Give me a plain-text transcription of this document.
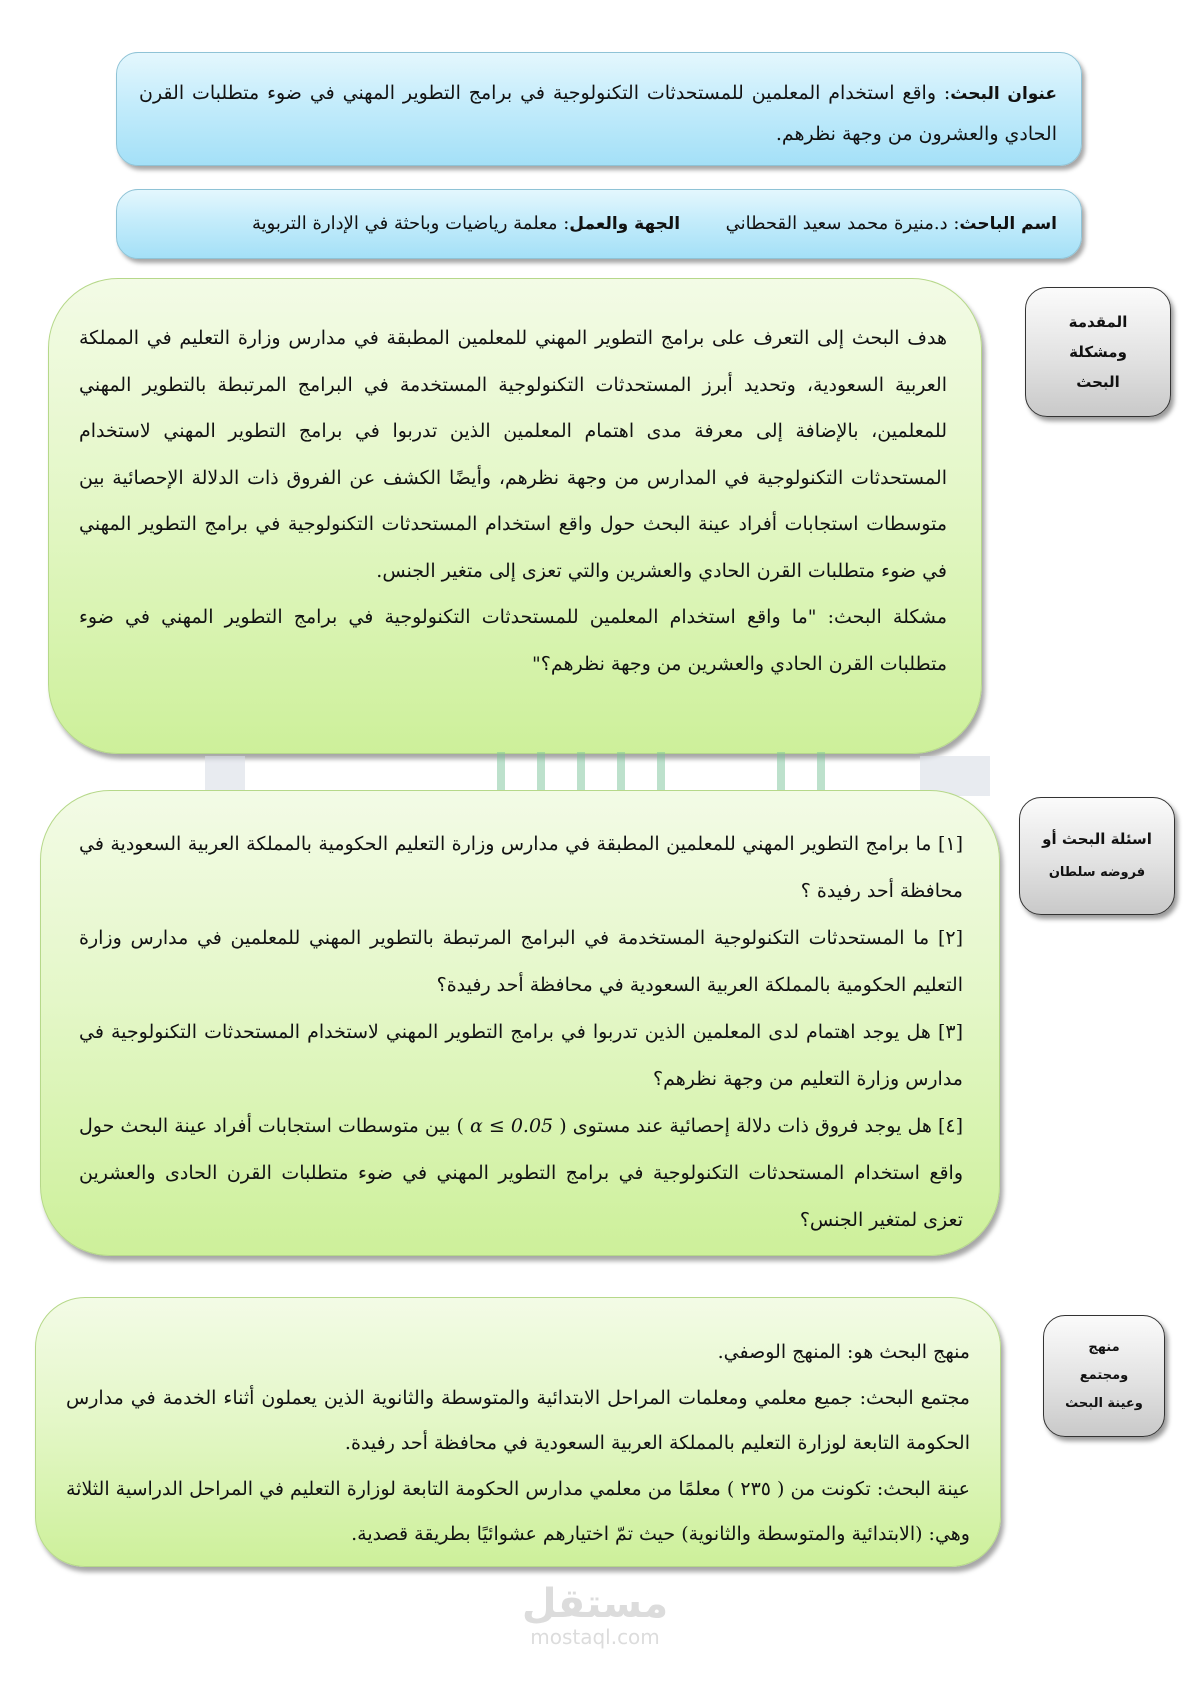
عنوان البحث: واقع استخدام المعلمين للمستحدثات التكنولوجية في برامج التطوير المهني في ضوء متطلبات القرن الحادي والعشرون من وجهة نظرهم.

اسم الباحث: د.منيرة محمد سعيد القحطاني  الجهة والعمل: معلمة رياضيات وباحثة في الإدارة التربوية

المقدمة
ومشكلة
البحث

هدف البحث إلى التعرف على برامج التطوير المهني للمعلمين المطبقة في مدارس وزارة التعليم في المملكة العربية السعودية، وتحديد أبرز المستحدثات التكنولوجية المستخدمة في البرامج المرتبطة بالتطوير المهني للمعلمين، بالإضافة إلى معرفة مدى اهتمام المعلمين الذين تدربوا في برامج التطوير المهني لاستخدام المستحدثات التكنولوجية في المدارس من وجهة نظرهم، وأيضًا الكشف عن الفروق ذات الدلالة الإحصائية بين متوسطات استجابات أفراد عينة البحث حول واقع استخدام المستحدثات التكنولوجية في برامج التطوير المهني في ضوء متطلبات القرن الحادي والعشرين والتي تعزى إلى متغير الجنس.

مشكلة البحث: "ما واقع استخدام المعلمين للمستحدثات التكنولوجية في برامج التطوير المهني في ضوء متطلبات القرن الحادي والعشرين من وجهة نظرهم؟"

اسئلة البحث أو
فروضه سلطان

[١] ما برامج التطوير المهني للمعلمين المطبقة في مدارس وزارة التعليم الحكومية بالمملكة العربية السعودية في محافظة أحد رفيدة ؟

[٢] ما المستحدثات التكنولوجية المستخدمة في البرامج المرتبطة بالتطوير المهني للمعلمين في مدارس وزارة التعليم الحكومية بالمملكة العربية السعودية في محافظة أحد رفيدة؟

[٣] هل يوجد اهتمام لدى المعلمين الذين تدربوا في برامج التطوير المهني لاستخدام المستحدثات التكنولوجية في مدارس وزارة التعليم من وجهة نظرهم؟

[٤] هل يوجد فروق ذات دلالة إحصائية عند مستوى ( α ≤ 0.05 ) بين متوسطات استجابات أفراد عينة البحث حول واقع استخدام المستحدثات التكنولوجية في برامج التطوير المهني في ضوء متطلبات القرن الحادى والعشرين تعزى لمتغير الجنس؟

منهج
ومجتمع
وعينة البحث

منهج البحث هو: المنهج الوصفي.

مجتمع البحث: جميع معلمي ومعلمات المراحل الابتدائية والمتوسطة والثانوية الذين يعملون أثناء الخدمة في مدارس الحكومة التابعة لوزارة التعليم بالمملكة العربية السعودية في محافظة أحد رفيدة.

عينة البحث: تكونت من ( ٢٣٥ ) معلمًا من معلمي مدارس الحكومة التابعة لوزارة التعليم في المراحل الدراسية الثلاثة وهي: (الابتدائية والمتوسطة والثانوية) حيث تمّ اختيارهم عشوائيًا بطريقة قصدية.

مستقل
mostaql.com
